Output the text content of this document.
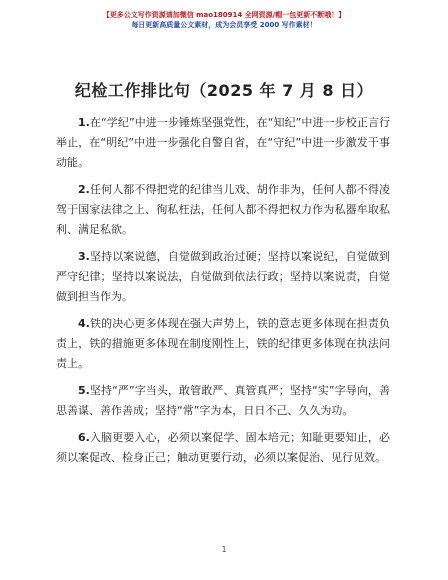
【更多公文写作资源请加微信 mao180914 全网资源/帽一包更新不断哦！】
每日更新高质量公文素材，成为会员享受 2000 写作素材！
纪检工作排比句（2025 年 7 月 8 日）

1.在“学纪”中进一步锤炼坚强党性，在“知纪”中进一步校正言行举止，在“明纪”中进一步强化自警自省，在“守纪”中进一步激发干事动能。

2.任何人都不得把党的纪律当儿戏、胡作非为，任何人都不得凌驾于国家法律之上、徇私枉法，任何人都不得把权力作为私器牟取私利、满足私欲。

3.坚持以案说德，自觉做到政治过硬；坚持以案说纪，自觉做到严守纪律；坚持以案说法，自觉做到依法行政；坚持以案说责，自觉做到担当作为。

4.铁的决心更多体现在强大声势上，铁的意志更多体现在担责负责上，铁的措施更多体现在制度刚性上，铁的纪律更多体现在执法问责上。

5.坚持“严”字当头，敢管敢严、真管真严；坚持“实”字导向，善思善谋、善作善成；坚持“常”字为本，日日不己、久久为功。

6.入脑更要入心，必须以案促学、固本培元；知耻更要知止，必须以案促改、检身正己；触动更要行动，必须以案促治、见行见效。

1
